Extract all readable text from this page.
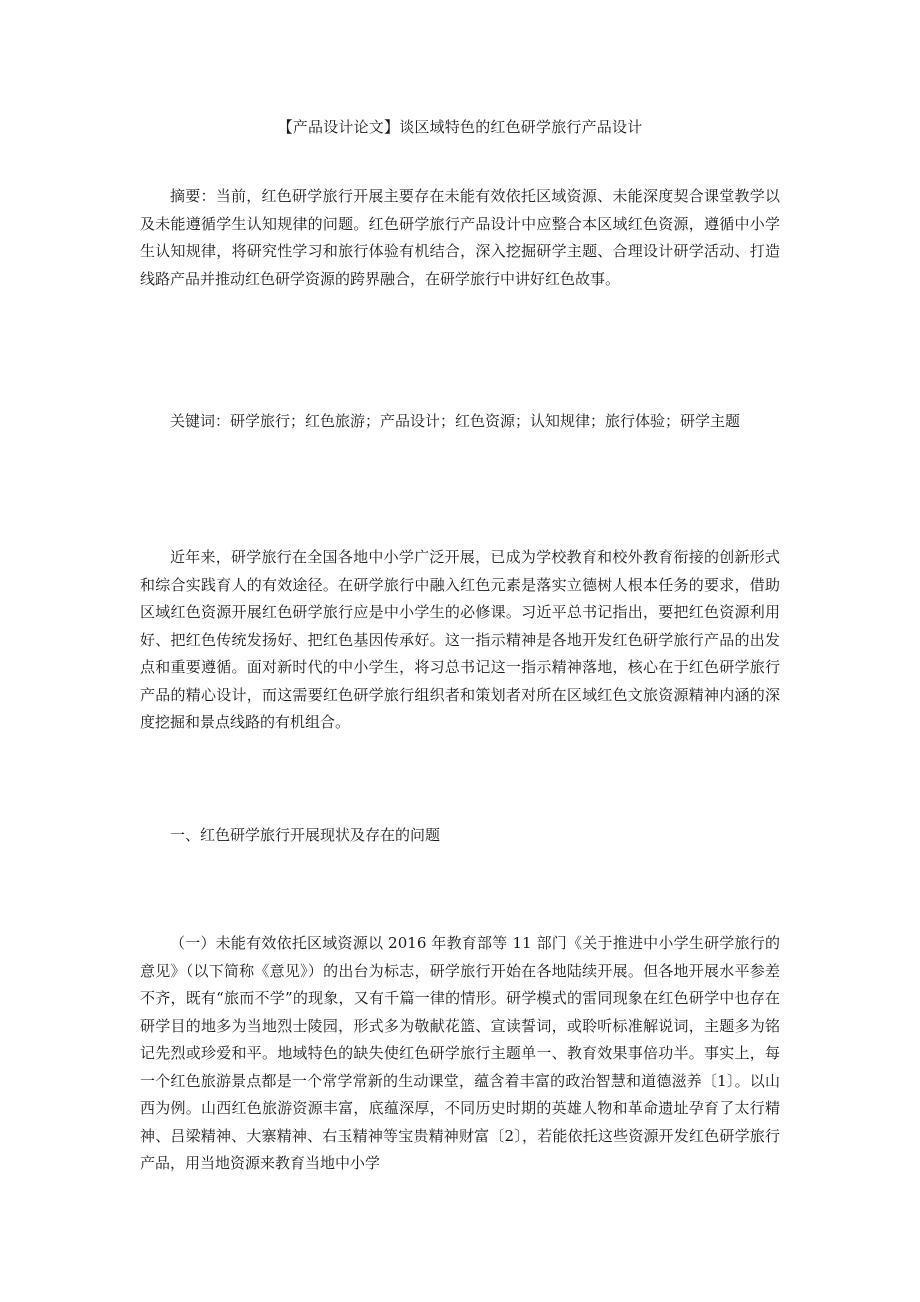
【产品设计论文】谈区域特色的红色研学旅行产品设计

摘要：当前，红色研学旅行开展主要存在未能有效依托区域资源、未能深度契合课堂教学以及未能遵循学生认知规律的问题。红色研学旅行产品设计中应整合本区域红色资源，遵循中小学生认知规律，将研究性学习和旅行体验有机结合，深入挖掘研学主题、合理设计研学活动、打造线路产品并推动红色研学资源的跨界融合，在研学旅行中讲好红色故事。

关键词：研学旅行；红色旅游；产品设计；红色资源；认知规律；旅行体验；研学主题

近年来，研学旅行在全国各地中小学广泛开展，已成为学校教育和校外教育衔接的创新形式和综合实践育人的有效途径。在研学旅行中融入红色元素是落实立德树人根本任务的要求，借助区域红色资源开展红色研学旅行应是中小学生的必修课。习近平总书记指出，要把红色资源利用好、把红色传统发扬好、把红色基因传承好。这一指示精神是各地开发红色研学旅行产品的出发点和重要遵循。面对新时代的中小学生，将习总书记这一指示精神落地，核心在于红色研学旅行产品的精心设计，而这需要红色研学旅行组织者和策划者对所在区域红色文旅资源精神内涵的深度挖掘和景点线路的有机组合。

一、红色研学旅行开展现状及存在的问题

（一）未能有效依托区域资源以 2016 年教育部等 11 部门《关于推进中小学生研学旅行的意见》（以下简称《意见》）的出台为标志，研学旅行开始在各地陆续开展。但各地开展水平参差不齐，既有“旅而不学”的现象，又有千篇一律的情形。研学模式的雷同现象在红色研学中也存在研学目的地多为当地烈士陵园，形式多为敬献花篮、宣读誓词，或聆听标准解说词，主题多为铭记先烈或珍爱和平。地域特色的缺失使红色研学旅行主题单一、教育效果事倍功半。事实上，每一个红色旅游景点都是一个常学常新的生动课堂，蕴含着丰富的政治智慧和道德滋养〔1〕。以山西为例。山西红色旅游资源丰富，底蕴深厚，不同历史时期的英雄人物和革命遗址孕育了太行精神、吕梁精神、大寨精神、右玉精神等宝贵精神财富〔2〕，若能依托这些资源开发红色研学旅行产品，用当地资源来教育当地中小学
